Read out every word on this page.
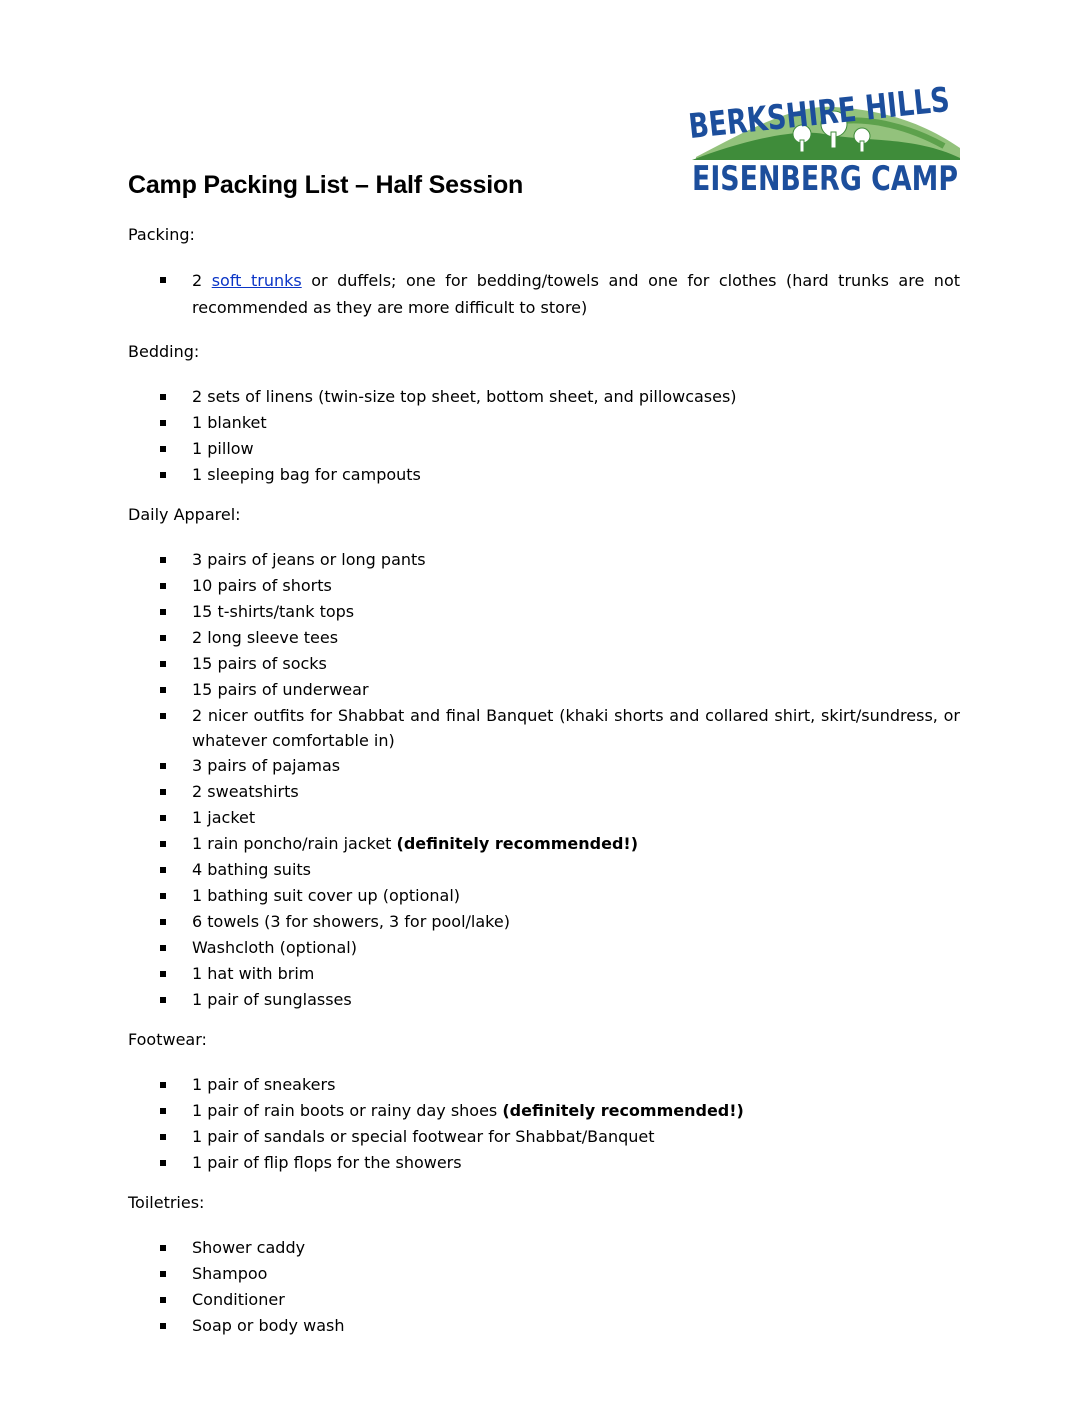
BERKSHIRE HILLS
EISENBERG CAMP
Camp Packing List – Half Session

Packing:

2 soft trunks or duffels; one for bedding/towels and one for clothes (hard trunks are not recommended as they are more difficult to store)

Bedding:

2 sets of linens (twin-size top sheet, bottom sheet, and pillowcases)
1 blanket
1 pillow
1 sleeping bag for campouts

Daily Apparel:

3 pairs of jeans or long pants
10 pairs of shorts
15 t-shirts/tank tops
2 long sleeve tees
15 pairs of socks
15 pairs of underwear
2 nicer outfits for Shabbat and final Banquet (khaki shorts and collared shirt, skirt/sundress, or whatever comfortable in)
3 pairs of pajamas
2 sweatshirts
1 jacket
1 rain poncho/rain jacket (definitely recommended!)
4 bathing suits
1 bathing suit cover up (optional)
6 towels (3 for showers, 3 for pool/lake)
Washcloth (optional)
1 hat with brim
1 pair of sunglasses

Footwear:

1 pair of sneakers
1 pair of rain boots or rainy day shoes (definitely recommended!)
1 pair of sandals or special footwear for Shabbat/Banquet
1 pair of flip flops for the showers

Toiletries:

Shower caddy
Shampoo
Conditioner
Soap or body wash
